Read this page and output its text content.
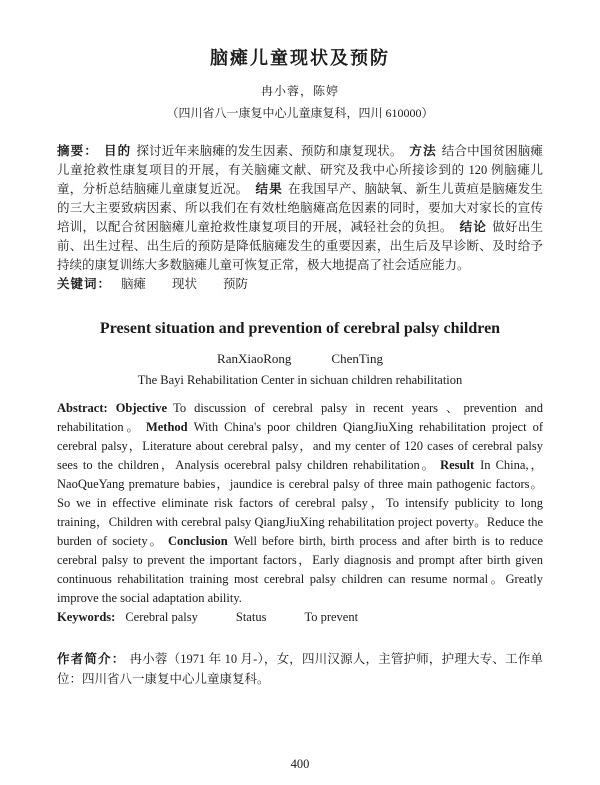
脑瘫儿童现状及预防
冉小蓉，陈婷
（四川省八一康复中心儿童康复科，四川 610000）

摘要： 目的 探讨近年来脑瘫的发生因素、预防和康复现状。 方法 结合中国贫困脑瘫儿童抢救性康复项目的开展，有关脑瘫文献、研究及我中心所接诊到的 120 例脑瘫儿童，分析总结脑瘫儿童康复近况。 结果 在我国早产、脑缺氧、新生儿黄疸是脑瘫发生的三大主要致病因素、所以我们在有效杜绝脑瘫高危因素的同时，要加大对家长的宣传培训，以配合贫困脑瘫儿童抢救性康复项目的开展，减轻社会的负担。 结论 做好出生前、出生过程、出生后的预防是降低脑瘫发生的重要因素，出生后及早诊断、及时给予持续的康复训练大多数脑瘫儿童可恢复正常，极大地提高了社会适应能力。

关键词： 脑瘫 现状 预防

Present situation and prevention of cerebral palsy children
RanXiaoRong	ChenTing
The Bayi Rehabilitation Center in sichuan children rehabilitation

Abstract: Objective To discussion of cerebral palsy in recent years 、prevention and rehabilitation。 Method With China's poor children QiangJiuXing rehabilitation project of cerebral palsy，Literature about cerebral palsy，and my center of 120 cases of cerebral palsy sees to the children，Analysis ocerebral palsy children rehabilitation。 Result In China,，NaoQueYang premature babies，jaundice is cerebral palsy of three main pathogenic factors。So we in effective eliminate risk factors of cerebral palsy，To intensify publicity to long training，Children with cerebral palsy QiangJiuXing rehabilitation project poverty。Reduce the burden of society。 Conclusion Well before birth, birth process and after birth is to reduce cerebral palsy to prevent the important factors，Early diagnosis and prompt after birth given continuous rehabilitation training most cerebral palsy children can resume normal。Greatly improve the social adaptation ability.

Keywords: Cerebral palsy	Status	To prevent

作者简介： 冉小蓉（1971 年 10 月-），女，四川汉源人，主管护师，护理大专、工作单位：四川省八一康复中心儿童康复科。

400
